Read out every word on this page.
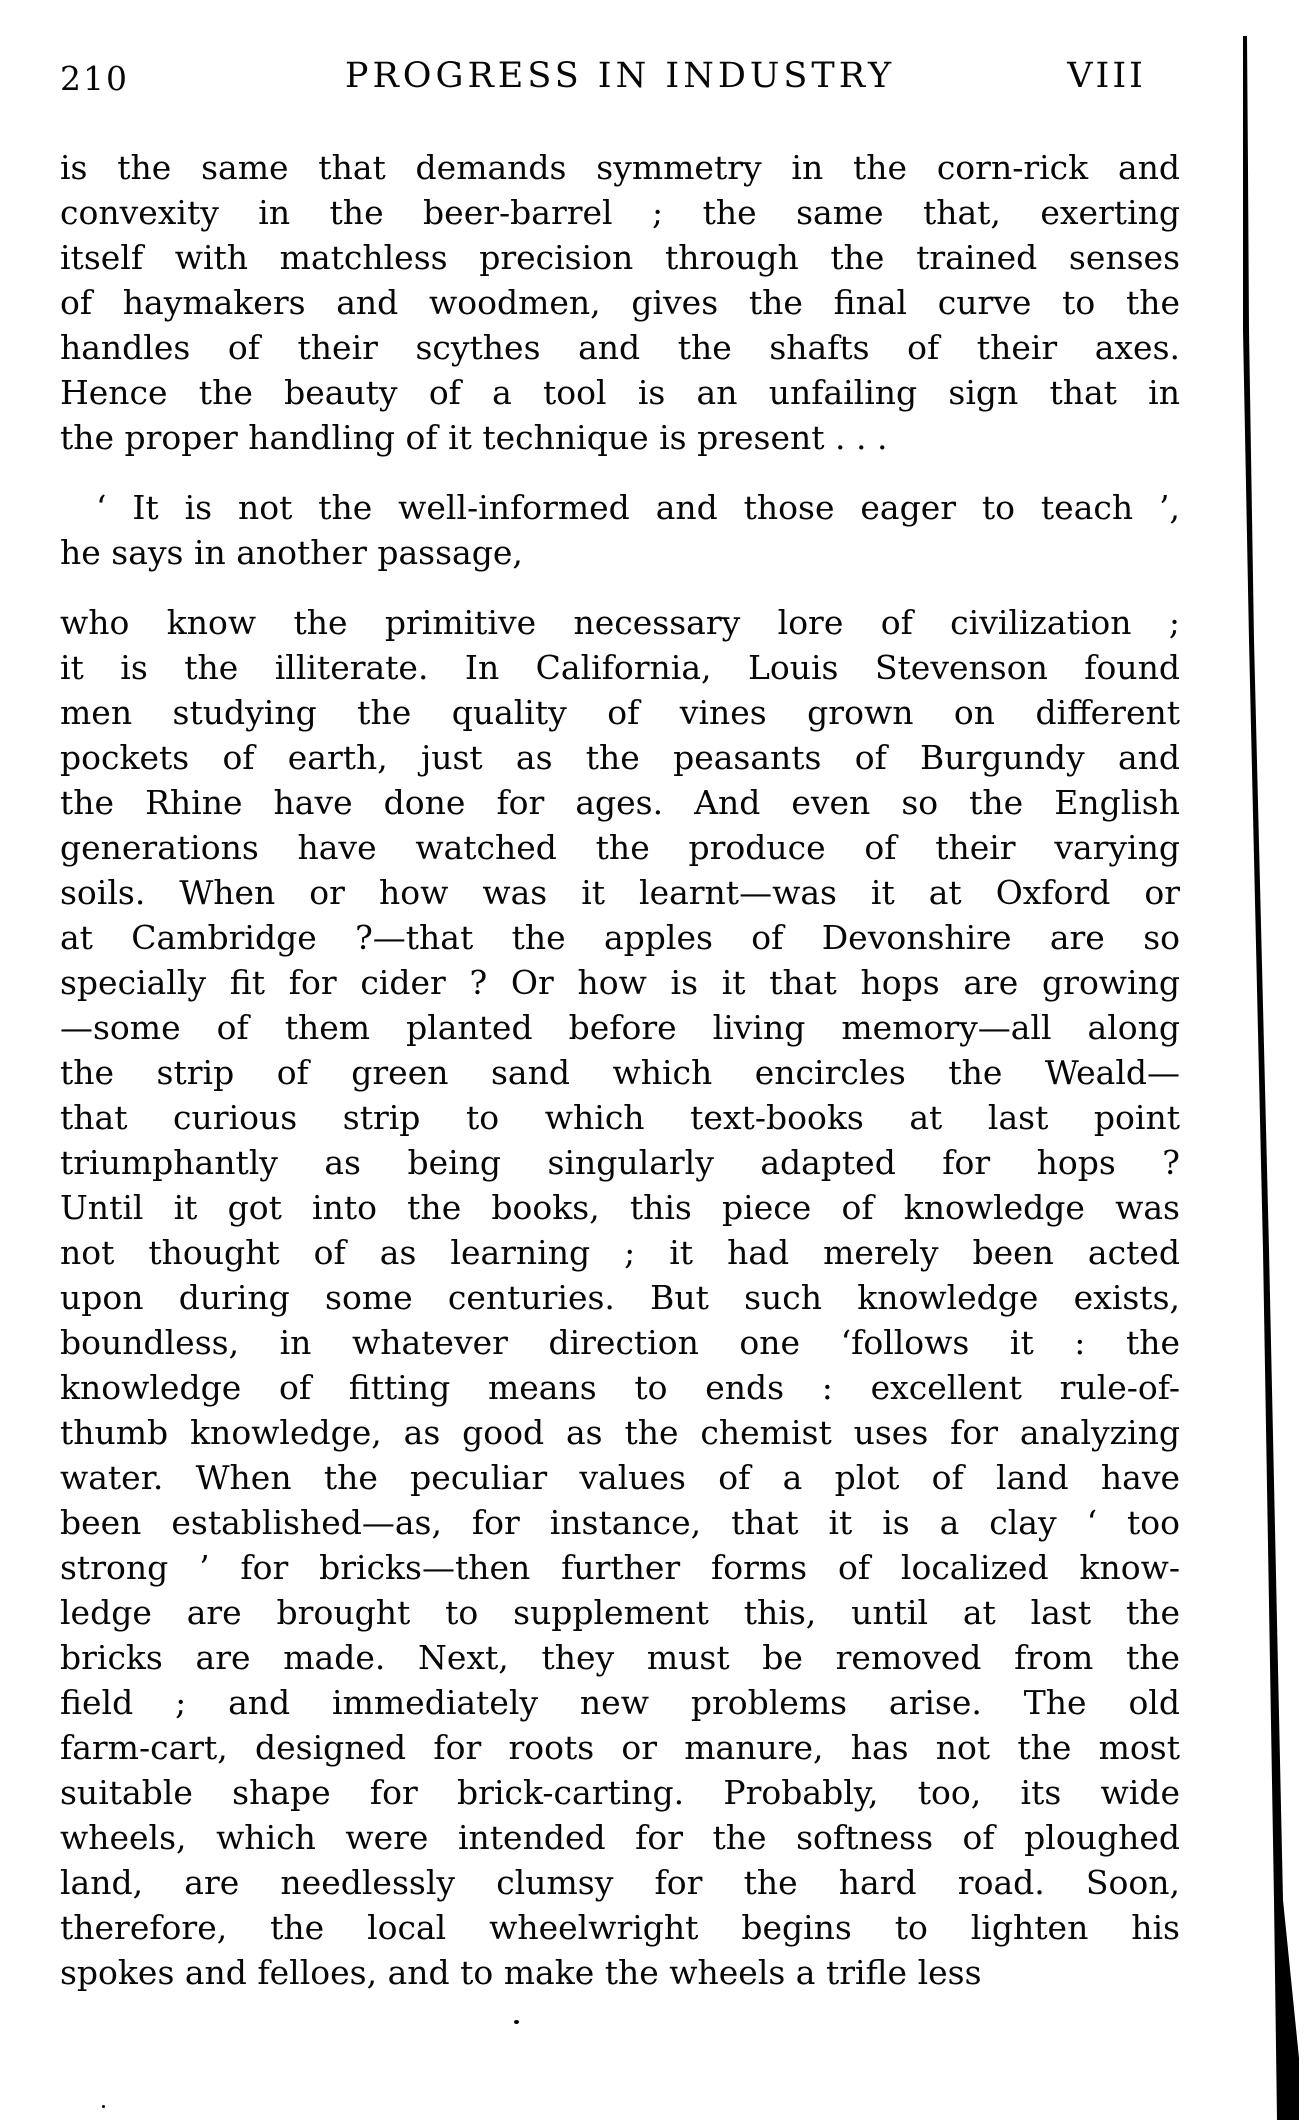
210	PROGRESS IN INDUSTRY	VIII
is the same that demands symmetry in the corn-rick and
convexity in the beer-barrel ; the same that, exerting
itself with matchless precision through the trained senses
of haymakers and woodmen, gives the final curve to the
handles of their scythes and the shafts of their axes.
Hence the beauty of a tool is an unfailing sign that in
the proper handling of it technique is present . . .
‘ It is not the well-informed and those eager to teach ’,
he says in another passage,
who know the primitive necessary lore of civilization ;
it is the illiterate. In California, Louis Stevenson found
men studying the quality of vines grown on different
pockets of earth, just as the peasants of Burgundy and
the Rhine have done for ages. And even so the English
generations have watched the produce of their varying
soils. When or how was it learnt—was it at Oxford or
at Cambridge ?—that the apples of Devonshire are so
specially fit for cider ? Or how is it that hops are growing
—some of them planted before living memory—all along
the strip of green sand which encircles the Weald—
that curious strip to which text-books at last point
triumphantly as being singularly adapted for hops ?
Until it got into the books, this piece of knowledge was
not thought of as learning ; it had merely been acted
upon during some centuries. But such knowledge exists,
boundless, in whatever direction one ‘follows it : the
knowledge of fitting means to ends : excellent rule-of-
thumb knowledge, as good as the chemist uses for analyzing
water. When the peculiar values of a plot of land have
been established—as, for instance, that it is a clay ‘ too
strong ’ for bricks—then further forms of localized know-
ledge are brought to supplement this, until at last the
bricks are made. Next, they must be removed from the
field ; and immediately new problems arise. The old
farm-cart, designed for roots or manure, has not the most
suitable shape for brick-carting. Probably, too, its wide
wheels, which were intended for the softness of ploughed
land, are needlessly clumsy for the hard road. Soon,
therefore, the local wheelwright begins to lighten his
spokes and felloes, and to make the wheels a trifle less
